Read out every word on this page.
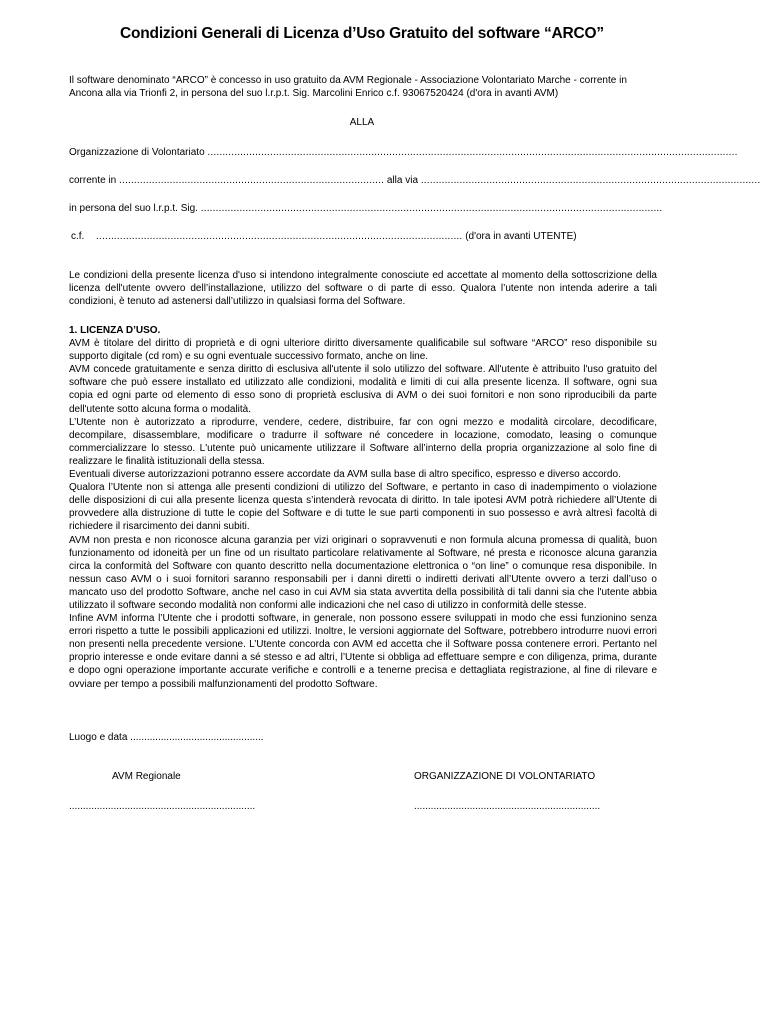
Condizioni Generali di Licenza d’Uso Gratuito del software “ARCO”
Il software denominato “ARCO” è concesso in uso gratuito da AVM Regionale - Associazione Volontariato Marche - corrente in Ancona alla via Trionfi 2, in persona del suo l.r.p.t. Sig. Marcolini Enrico c.f. 93067520424 (d'ora in avanti AVM)
ALLA
Organizzazione di Volontariato ..................................................................................................................................................................................
corrente in ......................................................................................... alla via ..................................................................................................................
in persona del suo l.r.p.t. Sig. ...........................................................................................................................................................
c.f.    ........................................................................................................................... (d'ora in avanti UTENTE)
Le condizioni della presente licenza d'uso si intendono integralmente conosciute ed accettate al momento della sottoscrizione della licenza dell'utente ovvero dell’installazione, utilizzo del software o di parte di esso. Qualora l’utente non intenda aderire a tali condizioni, è tenuto ad astenersi dall’utilizzo in qualsiasi forma del Software.

1. LICENZA D’USO.

AVM è titolare del diritto di proprietà e di ogni ulteriore diritto diversamente qualificabile sul software “ARCO” reso disponibile su supporto digitale (cd rom) e su ogni eventuale successivo formato, anche on line.

AVM concede gratuitamente e senza diritto di esclusiva all'utente il solo utilizzo del software. All'utente è attribuito l'uso gratuito del software che può essere installato ed utilizzato alle condizioni, modalità e limiti di cui alla presente licenza. Il software, ogni sua copia ed ogni parte od elemento di esso sono di proprietà esclusiva di AVM o dei suoi fornitori e non sono riproducibili da parte dell'utente sotto alcuna forma o modalità.

L’Utente non è autorizzato a riprodurre, vendere, cedere, distribuire, far con ogni mezzo e modalità circolare, decodificare, decompilare, disassemblare, modificare o tradurre il software né concedere in locazione, comodato, leasing o comunque commercializzare lo stesso. L'utente può unicamente utilizzare il Software all’interno della propria organizzazione al solo fine di realizzare le finalità istituzionali della stessa.

Eventuali diverse autorizzazioni potranno essere accordate da AVM sulla base di altro specifico, espresso e diverso accordo.

Qualora l’Utente non si attenga alle presenti condizioni di utilizzo del Software, e pertanto in caso di inadempimento o violazione delle disposizioni di cui alla presente licenza questa s’intenderà revocata di diritto. In tale ipotesi AVM potrà richiedere all’Utente di provvedere alla distruzione di tutte le copie del Software e di tutte le sue parti componenti in suo possesso e avrà altresì facoltà di richiedere il risarcimento dei danni subiti.

AVM non presta e non riconosce alcuna garanzia per vizi originari o sopravvenuti e non formula alcuna promessa di qualità, buon funzionamento od idoneità per un fine od un risultato particolare relativamente al Software, né presta e riconosce alcuna garanzia circa la conformità del Software con quanto descritto nella documentazione elettronica o “on line” o comunque resa disponibile. In nessun caso AVM o i suoi fornitori saranno responsabili per i danni diretti o indiretti derivati all’Utente ovvero a terzi dall’uso o mancato uso del prodotto Software, anche nel caso in cui AVM sia stata avvertita della possibilità di tali danni sia che l'utente abbia utilizzato il software secondo modalità non conformi alle indicazioni che nel caso di utilizzo in conformità delle stesse.

Infine AVM informa l’Utente che i prodotti software, in generale, non possono essere sviluppati in modo che essi funzionino senza errori rispetto a tutte le possibili applicazioni ed utilizzi. Inoltre, le versioni aggiornate del Software, potrebbero introdurre nuovi errori non presenti nella precedente versione. L’Utente concorda con AVM ed accetta che il Software possa contenere errori. Pertanto nel proprio interesse e onde evitare danni a sé stesso e ad altri, l’Utente si obbliga ad effettuare sempre e con diligenza, prima, durante e dopo ogni operazione importante accurate verifiche e controlli e a tenerne precisa e dettagliata registrazione, al fine di rilevare e ovviare per tempo a possibili malfunzionamenti del prodotto Software.

Luogo e data ................................................
AVM Regionale	ORGANIZZAZIONE DI VOLONTARIATO
...................................................................	...................................................................
